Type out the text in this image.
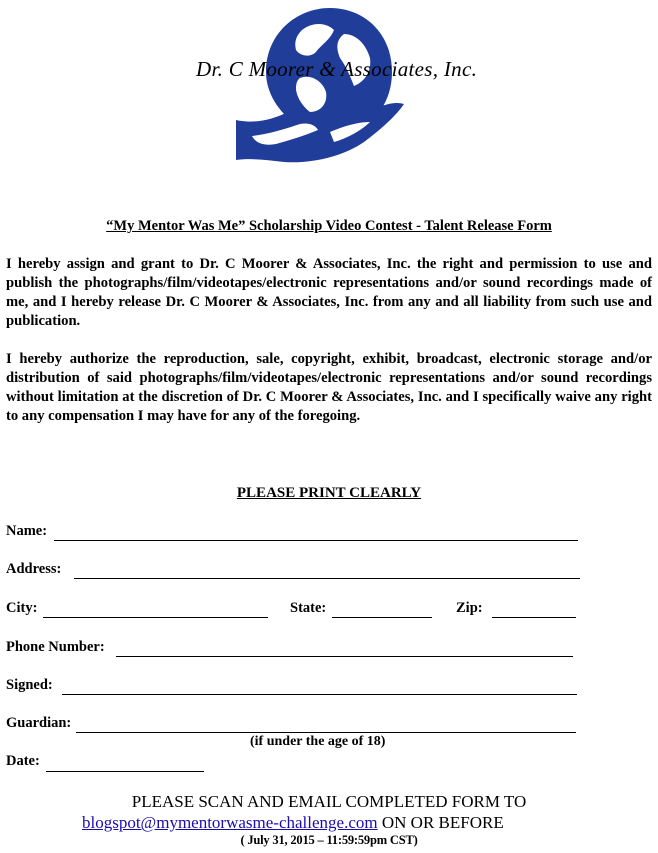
Dr. C Moorer & Associates, Inc.
“My Mentor Was Me” Scholarship Video Contest - Talent Release Form

I hereby assign and grant to Dr. C Moorer & Associates, Inc. the right and permission to use and publish the photographs/film/videotapes/electronic representations and/or sound recordings made of me, and I hereby release Dr. C Moorer & Associates, Inc. from any and all liability from such use and publication.

I hereby authorize the reproduction, sale, copyright, exhibit, broadcast, electronic storage and/or distribution of said photographs/film/videotapes/electronic representations and/or sound recordings without limitation at the discretion of Dr. C Moorer & Associates, Inc. and I specifically waive any right to any compensation I may have for any of the foregoing.

PLEASE PRINT CLEARLY
Name:
Address:
City:	State:	Zip:
Phone Number:
Signed:
Guardian:
(if under the age of 18)
Date:
PLEASE SCAN AND EMAIL COMPLETED FORM TO
blogspot@mymentorwasme-challenge.com ON OR BEFORE
( July 31, 2015 – 11:59:59pm CST)
